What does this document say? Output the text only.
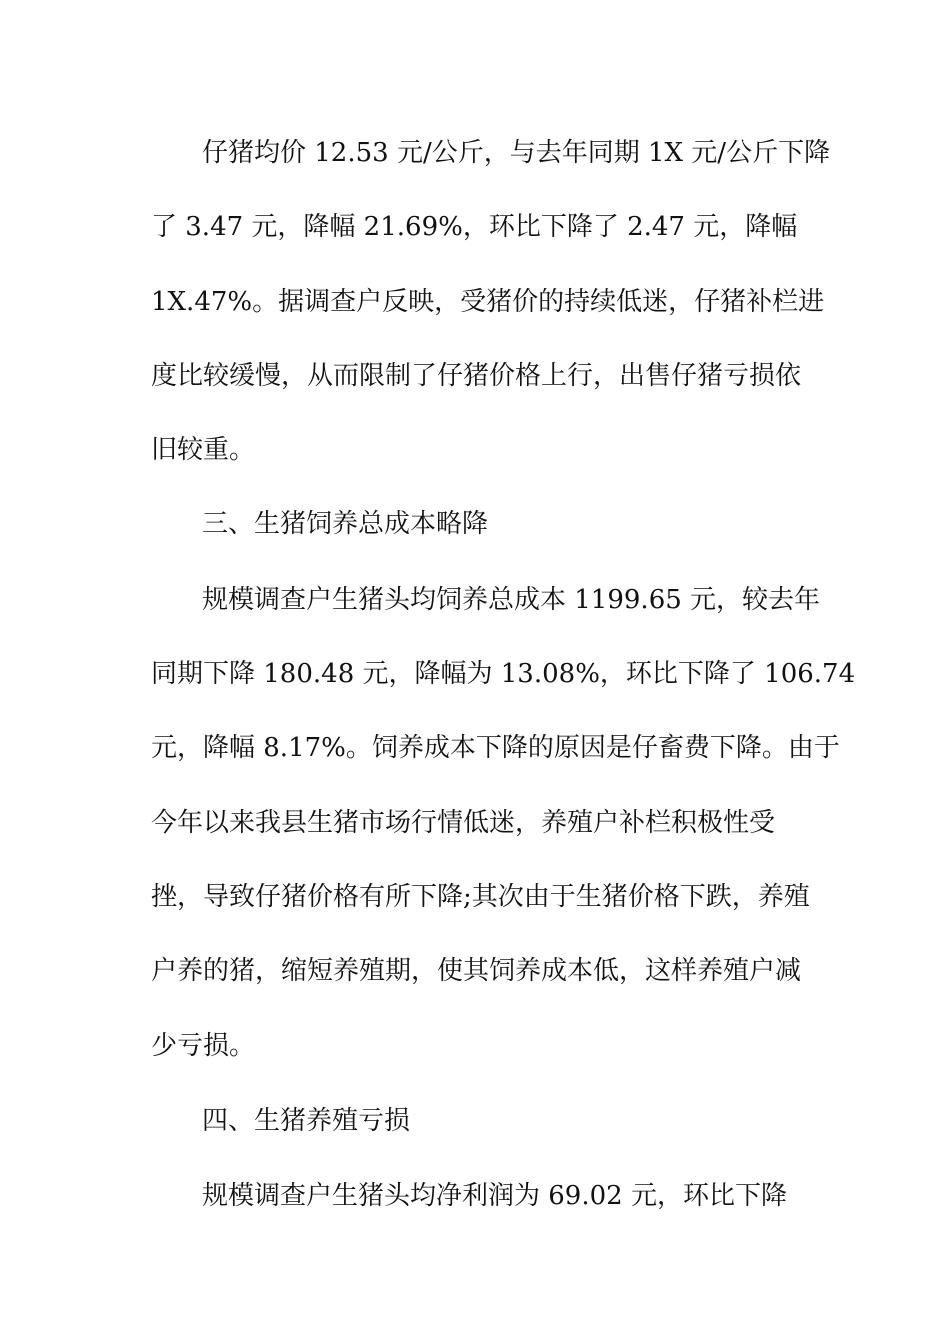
仔猪均价 12.53 元/公斤，与去年同期 1X 元/公斤下降

了 3.47 元，降幅 21.69%，环比下降了 2.47 元，降幅

1X.47%。据调查户反映，受猪价的持续低迷，仔猪补栏进

度比较缓慢，从而限制了仔猪价格上行，出售仔猪亏损依

旧较重。

三、生猪饲养总成本略降

规模调查户生猪头均饲养总成本 1199.65 元，较去年

同期下降 180.48 元，降幅为 13.08%，环比下降了 106.74

元，降幅 8.17%。饲养成本下降的原因是仔畜费下降。由于

今年以来我县生猪市场行情低迷，养殖户补栏积极性受

挫，导致仔猪价格有所下降;其次由于生猪价格下跌，养殖

户养的猪，缩短养殖期，使其饲养成本低，这样养殖户减

少亏损。

四、生猪养殖亏损

规模调查户生猪头均净利润为 69.02 元，环比下降
